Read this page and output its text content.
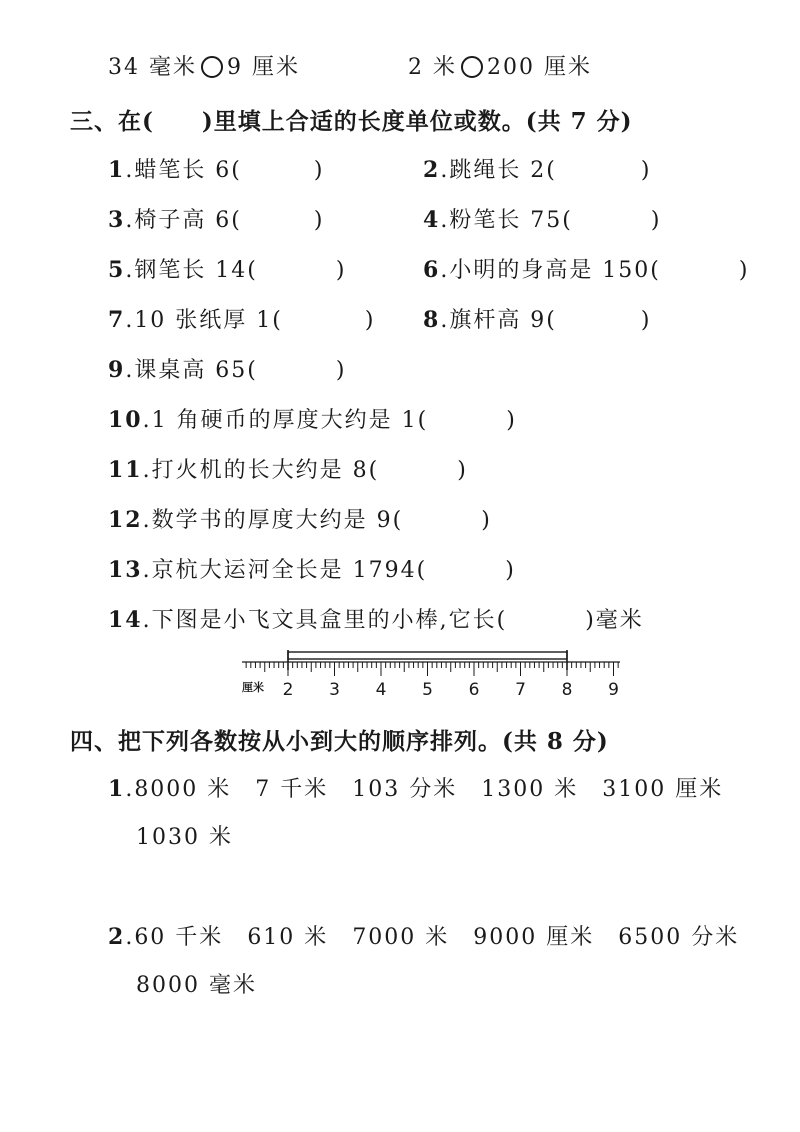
34 毫米 9 厘米	2 米 200 厘米
三、在(　　)里填上合适的长度单位或数。(共 7 分)
1.蜡笔长 6(	)	2.跳绳长 2(	)
3.椅子高 6(	)	4.粉笔长 75(	)
5.钢笔长 14(	)	6.小明的身高是 150(	)
7.10 张纸厚 1(	) 8.旗杆高 9(	)
9.课桌高 65(	)
10.1 角硬币的厚度大约是 1(	)
11.打火机的长大约是 8(	)
12.数学书的厚度大约是 9(	)
13.京杭大运河全长是 1794(	)
14.下图是小飞文具盒里的小棒,它长(	)毫米
厘米 2 3 4 5 6 7 8 9
四、把下列各数按从小到大的顺序排列。(共 8 分)
1.8000 米 7 千米 103 分米 1300 米 3100 厘米
1030 米
2.60 千米 610 米 7000 米 9000 厘米 6500 分米
8000 毫米
